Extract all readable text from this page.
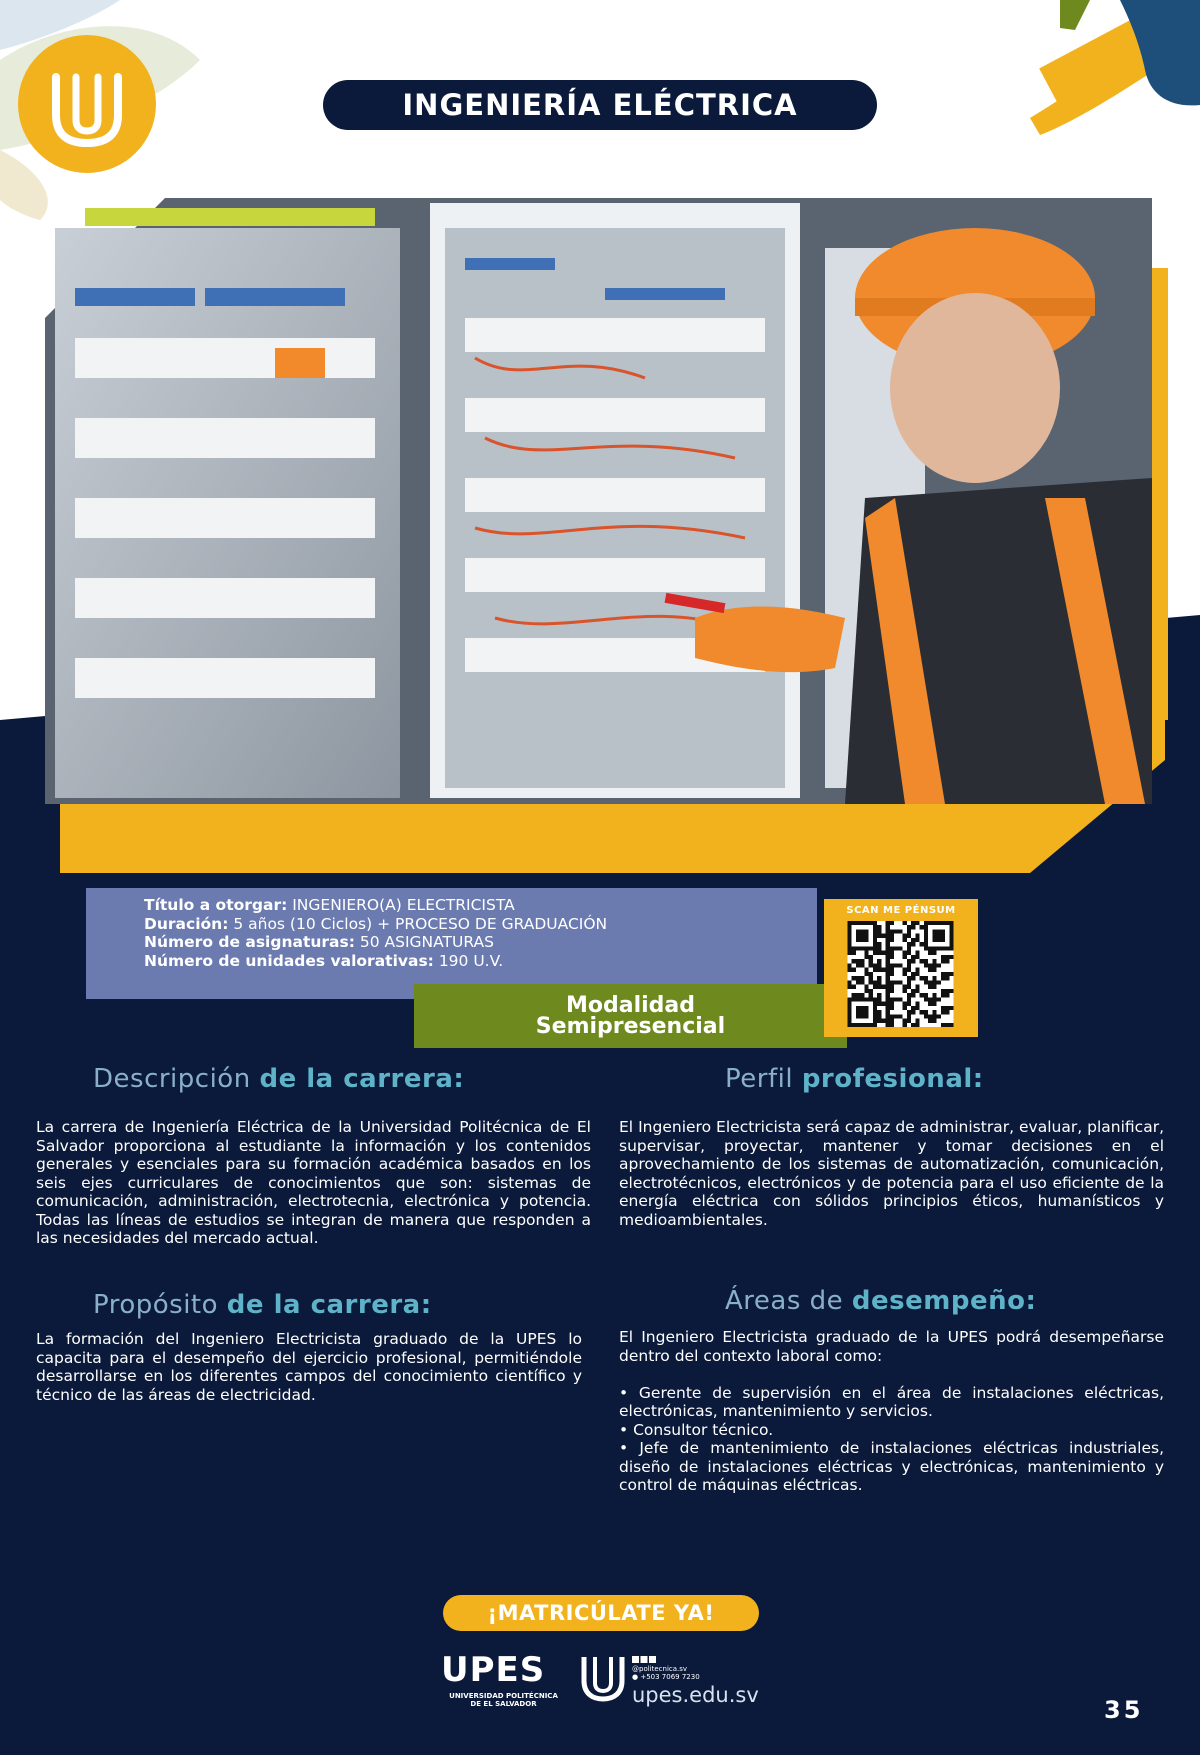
INGENIERÍA ELÉCTRICA
Título a otorgar: INGENIERO(A) ELECTRICISTA
Duración: 5 años (10 Ciclos) + PROCESO DE GRADUACIÓN
Número de asignaturas: 50 ASIGNATURAS
Número de unidades valorativas: 190 U.V.
Modalidad
Semipresencial
SCAN ME PÉNSUM
Descripción de la carrera:

La carrera de Ingeniería Eléctrica de la Universidad Politécnica de El Salvador proporciona al estudiante la información y los contenidos generales y esenciales para su formación académica basados en los seis ejes curriculares de conocimientos que son: sistemas de comunicación, administración, electrotecnia, electrónica y potencia. Todas las líneas de estudios se integran de manera que responden a las necesidades del mercado actual.

Perfil profesional:

El Ingeniero Electricista será capaz de administrar, evaluar, planificar, supervisar, proyectar, mantener y tomar decisiones en el aprovechamiento de los sistemas de automatización, comunicación, electrotécnicos, electrónicos y de potencia para el uso eficiente de la energía eléctrica con sólidos principios éticos, humanísticos y medioambientales.

Propósito de la carrera:

La formación del Ingeniero Electricista graduado de la UPES lo capacita para el desempeño del ejercicio profesional, permitiéndole desarrollarse en los diferentes campos del conocimiento científico y técnico de las áreas de electricidad.

Áreas de desempeño:

El Ingeniero Electricista graduado de la UPES podrá desempeñarse dentro del contexto laboral como:

• Gerente de supervisión en el área de instalaciones eléctricas, electrónicas, mantenimiento y servicios.

• Consultor técnico.

• Jefe de mantenimiento de instalaciones eléctricas industriales, diseño de instalaciones eléctricas y electrónicas, mantenimiento y control de máquinas eléctricas.

¡MATRICÚLATE YA!
UPES
UNIVERSIDAD POLITÉCNICA
DE EL SALVADOR
@politecnica.sv
● +503 7069 7230
upes.edu.sv
35
